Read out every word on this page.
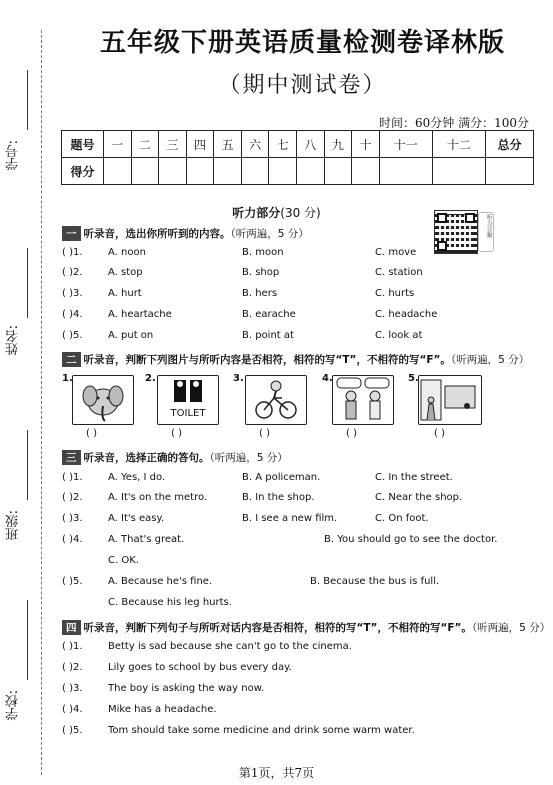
学号:
姓名:
班级:
学校:
五年级下册英语质量检测卷译林版
（期中测试卷）
时间：60分钟 满分：100分
题号	一	二	三	四	五	六	七	八	九	十	十一	十二	总分
得分													
听力部分(30 分)
听力音频
一 听录音，选出你所听到的内容。（听两遍，5 分）
( )1.	A. noon	B. moon	C. move
( )2.	A. stop	B. shop	C. station
( )3.	A. hurt	B. hers	C. hurts
( )4.	A. heartache	B. earache	C. headache
( )5.	A. put on	B. point at	C. look at
二 听录音，判断下列图片与所听内容是否相符，相符的写“T”，不相符的写“F”。（听两遍，5 分）
1.
( )
2.
TOILET
( )
3.
( )
4.
( )
5.
( )
三 听录音，选择正确的答句。（听两遍，5 分）
( )1.	A. Yes, I do.	B. A policeman.	C. In the street.
( )2.	A. It's on the metro.	B. In the shop.	C. Near the shop.
( )3.	A. It's easy.	B. I see a new film.	C. On foot.
( )4.	A. That's great.	B. You should go to see the doctor.
C. OK.
( )5.	A. Because he's fine.	B. Because the bus is full.
C. Because his leg hurts.
四 听录音，判断下列句子与所听对话内容是否相符，相符的写“T”，不相符的写“F”。（听两遍，5 分）
( )1.	Betty is sad because she can't go to the cinema.
( )2.	Lily goes to school by bus every day.
( )3.	The boy is asking the way now.
( )4.	Mike has a headache.
( )5.	Tom should take some medicine and drink some warm water.
第1页，共7页
